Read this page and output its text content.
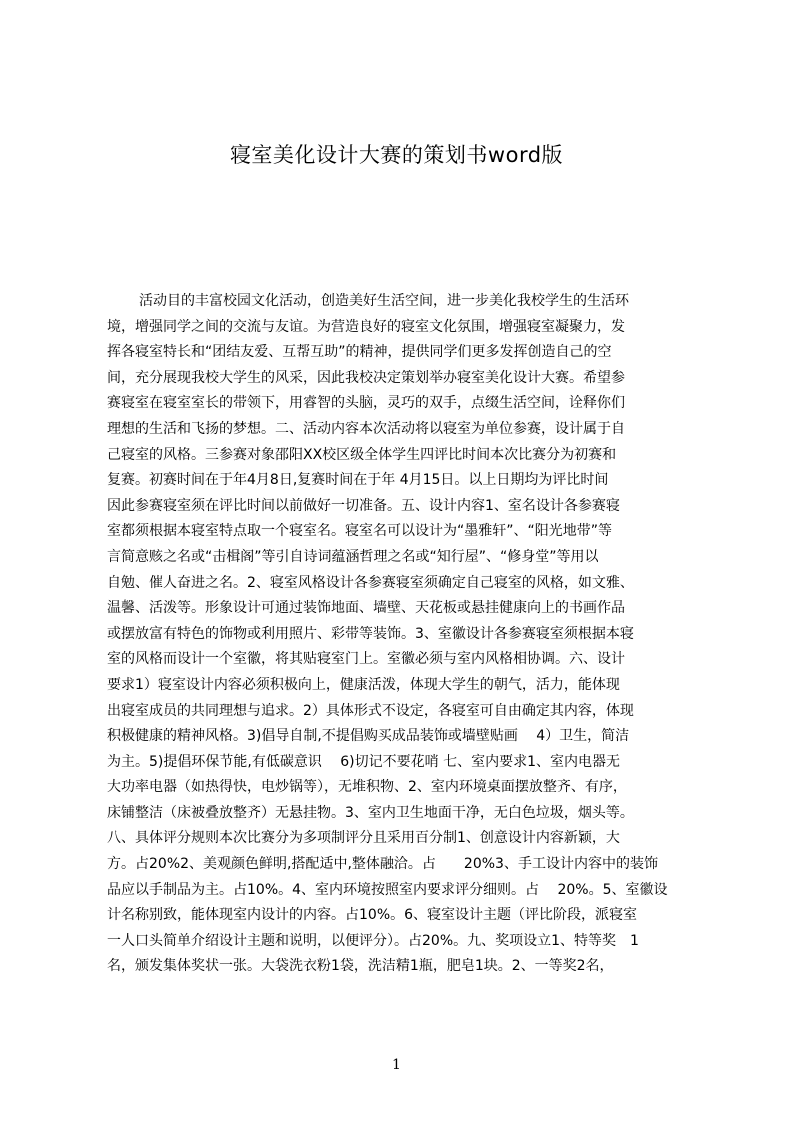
寝室美化设计大赛的策划书word版
活动目的丰富校园文化活动，创造美好生活空间，进一步美化我校学生的生活环
境，增强同学之间的交流与友谊。为营造良好的寝室文化氛围，增强寝室凝聚力，发
挥各寝室特长和“团结友爱、互帮互助”的精神，提供同学们更多发挥创造自己的空
间，充分展现我校大学生的风采，因此我校决定策划举办寝室美化设计大赛。希望参
赛寝室在寝室室长的带领下，用睿智的头脑，灵巧的双手，点缀生活空间，诠释你们
理想的生活和飞扬的梦想。二、活动内容本次活动将以寝室为单位参赛，设计属于自
己寝室的风格。三参赛对象邵阳XX校区级全体学生四评比时间本次比赛分为初赛和
复赛。初赛时间在于年4月8日,复赛时间在于年 4月15日。以上日期均为评比时间
因此参赛寝室须在评比时间以前做好一切准备。五、设计内容1、室名设计各参赛寝
室都须根据本寝室特点取一个寝室名。寝室名可以设计为“墨雅轩”、“阳光地带”等
言简意赅之名或“击楫阁”等引自诗词蕴涵哲理之名或“知行屋”、“修身堂”等用以
自勉、催人奋进之名。2、寝室风格设计各参赛寝室须确定自己寝室的风格，如文雅、
温馨、活泼等。形象设计可通过装饰地面、墙壁、天花板或悬挂健康向上的书画作品
或摆放富有特色的饰物或利用照片、彩带等装饰。3、室徽设计各参赛寝室须根据本寝
室的风格而设计一个室徽，将其贴寝室门上。室徽必须与室内风格相协调。六、设计
要求1）寝室设计内容必须积极向上，健康活泼，体现大学生的朝气，活力，能体现
出寝室成员的共同理想与追求。2）具体形式不设定，各寝室可自由确定其内容，体现
积极健康的精神风格。3)倡导自制,不提倡购买成品装饰或墙壁贴画　 4）卫生，简洁
为主。5)提倡环保节能,有低碳意识　 6)切记不要花哨 七、室内要求1、室内电器无
大功率电器（如热得快，电炒锅等），无堆积物、2、室内环境桌面摆放整齐、有序，
床铺整洁（床被叠放整齐）无悬挂物。3、室内卫生地面干净，无白色垃圾，烟头等。
八、具体评分规则本次比赛分为多项制评分且采用百分制1、创意设计内容新颖，大
方。占20%2、美观颜色鲜明,搭配适中,整体融洽。占　　20%3、手工设计内容中的装饰
品应以手制品为主。占10%。4、室内环境按照室内要求评分细则。占　 20%。5、室徽设
计名称别致，能体现室内设计的内容。占10%。6、寝室设计主题（评比阶段，派寝室
一人口头简单介绍设计主题和说明，以便评分）。占20%。九、奖项设立1、特等奖　1
名，颁发集体奖状一张。大袋洗衣粉1袋，洗洁精1瓶，肥皂1块。2、一等奖2名，
1
